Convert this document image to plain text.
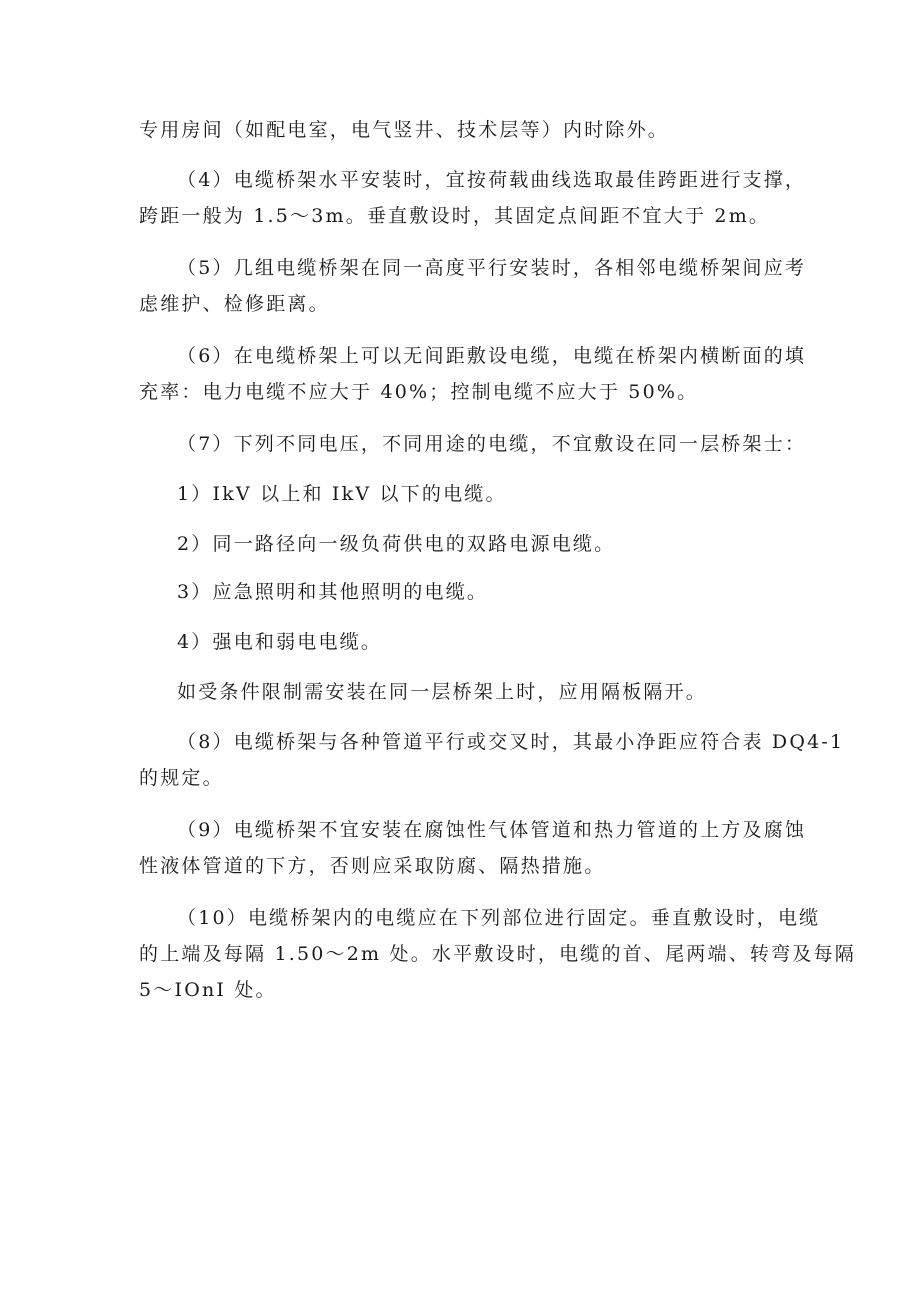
专用房间（如配电室，电气竖井、技术层等）内时除外。
（4）电缆桥架水平安装时，宜按荷载曲线选取最佳跨距进行支撑，
跨距一般为 1.5～3m。垂直敷设时，其固定点间距不宜大于 2m。
（5）几组电缆桥架在同一高度平行安装时，各相邻电缆桥架间应考
虑维护、检修距离。
（6）在电缆桥架上可以无间距敷设电缆，电缆在桥架内横断面的填
充率：电力电缆不应大于 40%；控制电缆不应大于 50%。
（7）下列不同电压，不同用途的电缆，不宜敷设在同一层桥架士：
1）IkV 以上和 IkV 以下的电缆。
2）同一路径向一级负荷供电的双路电源电缆。
3）应急照明和其他照明的电缆。
4）强电和弱电电缆。
如受条件限制需安装在同一层桥架上时，应用隔板隔开。
（8）电缆桥架与各种管道平行或交叉时，其最小净距应符合表 DQ4-1
的规定。
（9）电缆桥架不宜安装在腐蚀性气体管道和热力管道的上方及腐蚀
性液体管道的下方，否则应采取防腐、隔热措施。
（10）电缆桥架内的电缆应在下列部位进行固定。垂直敷设时，电缆
的上端及每隔 1.50～2m 处。水平敷设时，电缆的首、尾两端、转弯及每隔
5～IOnI 处。
